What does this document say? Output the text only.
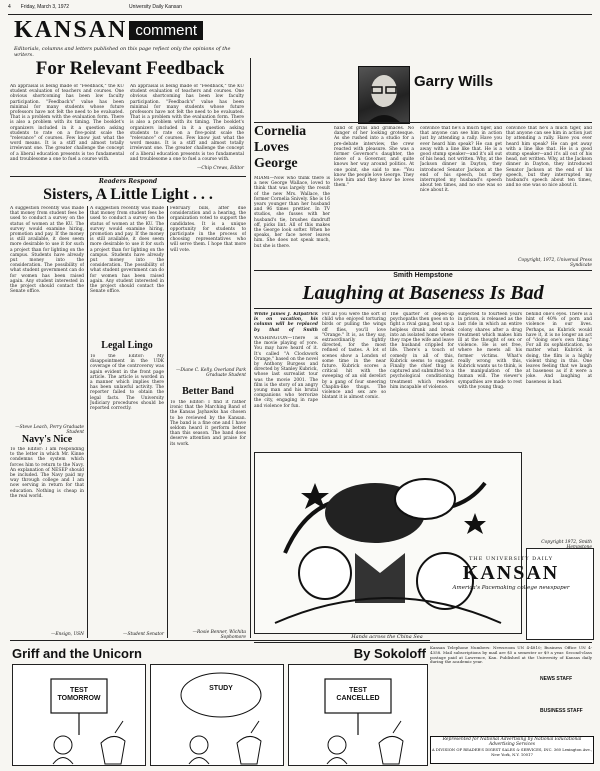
4 Friday, March 3, 1972	University Daily Kansan
KANSAN comment
Editorials, columns and letters published on this page reflect only the opinions of the writers.
For Relevant Feedback
An appraisal is being made of "Feedback," the KU student evaluation of teachers and courses. One obvious shortcoming has been low faculty participation. "Feedback's" value has been minimal for many students whose future professors have not felt the need to be evaluated. That is a problem with the evaluation form. There is also a problem with its timing. The booklet's organizers included in it a question asking students to rate on a five-point scale the "relevance" of courses. Few know just what the word means. It is a stiff and almost totally irrelevant one. The greater challenge the concept of a liberal education presents is too fundamental and troublesome a one to fuel a course with.
An appraisal is being made of "Feedback," the KU student evaluation of teachers and courses. One obvious shortcoming has been low faculty participation. "Feedback's" value has been minimal for many students whose future professors have not felt the need to be evaluated. That is a problem with the evaluation form. There is also a problem with its timing. The booklet's organizers included in it a question asking students to rate on a five-point scale the "relevance" of courses. Few know just what the word means. It is a stiff and almost totally irrelevant one. The greater challenge the concept of a liberal education presents is too fundamental and troublesome a one to fuel a course with.
—Chip Crews, Editor
Readers Respond
Sisters, A Little Light . . .
A suggestion recently was made that money from student fees be used to conduct a survey on the status of women at the KU. The survey would examine hiring, promotion and pay. If the money is still available, it does seem more desirable to use it for such a project than for lighting on the campus. Students have already put money into the consideration. The possibility of what student government can do for women has been raised again. Any student interested in the project should contact the Senate office.
—Steve Leach, Perry Graduate Student
Navy's Nice
To the Editor: I am responding to the letter in which Mr. Kinne condemns the system which forces him to return to the Navy. An explanation of NESEP should be included. The Navy paid my way through college and I am now serving in return for that education. Nothing is cheap in the real world.
—Ensign, USN
A suggestion recently was made that money from student fees be used to conduct a survey on the status of women at the KU. The survey would examine hiring, promotion and pay. If the money is still available, it does seem more desirable to use it for such a project than for lighting on the campus. Students have already put money into the consideration. The possibility of what student government can do for women has been raised again. Any student interested in the project should contact the Senate office.
Legal Lingo
To the Editor: My disappointment in the UDK coverage of the controversy was again evident in the front page article. The article is worded in a manner which implies there has been unlawful activity. The reporter failed to obtain the legal facts. The University Judiciary procedures should be reported correctly.
—Student Senator
February bills, after due consideration and a hearing, the organization voted to support the candidates. It is a unique opportunity for students to participate in the process of choosing representatives who will serve them. I hope that more will vote.
—Diane C. Kelly, Overland Park Graduate Student
Better Band
To the Editor: I find it rather ironic that the Marching Band of the Kansas Jayhawks has chosen to be reviewed by the Kansan. The band is a fine one and I have seldom heard it perform better than this season. The band does deserve attention and praise for its work.
—Rosie Benner, Wichita Sophomore
Cornelia Loves George
MIAMI—Now who think there is a new George Wallace, loved to think that was largely the result of the new Mrs. Wallace, the former Cornelia Snively. She is 16 years younger than her husband and 96 times prettier. In TV studios, she fusses with her husband's tie, brushes dandruff off, picks lint. All of this makes the George look softer. When he speaks, her face never leaves him. She does not speak much, but she is there.
hand of grins and grimaces. No danger of her looking grotesque. As she rushed into a studio for a pre-debate interview, the crew reacted with pleasure. She was a former Governor's daughter, the niece of a Governor, and quite knows her way around politics. At one point, she said to me: "You know the people love George. They love him and they know he loves them."
Garry Wills
convince that he's a much tiger, and that anyone can see him in action just by attending a rally. Have you ever heard him speak? He can get away with a line like that. He is a good stump speaker—and it's all out of his head, not written. Why, at the Jackson dinner in Dayton, they introduced Senator Jackson at the end of his speech, but they interrupted my husband's speech about ten times, and no one was so nice about it.
convince that he's a much tiger, and that anyone can see him in action just by attending a rally. Have you ever heard him speak? He can get away with a line like that. He is a good stump speaker—and it's all out of his head, not written. Why, at the Jackson dinner in Dayton, they introduced Senator Jackson at the end of his speech, but they interrupted my husband's speech about ten times, and no one was so nice about it.
Copyright, 1972, Universal Press Syndicate
Smith Hempstone
Laughing at Baseness Is Bad
While James J. Kilpatrick is on vacation, his column will be replaced by that of Smith
WASHINGTON—There is the movie playing of yore. You may have heard of it. It's called "A Clockwork Orange," based on the novel by Anthony Burgess and directed by Stanley Kubrick, whose last surrealist tour was the movie 2001. The film is the story of an angry young man and his brutal companions who terrorize the city, engaging in rape and violence for fun.
For all you were the sort of child who enjoyed torturing birds or pulling the wings off flies, you'll love "Orange." It is, as they say, extraordinarily tightly directed, for the most refined of tastes. A lot of scenes show a London of some time in the near future. Kubrick scores a critical hit with the sweeping of an old derelict by a gang of four sneering Chaplin-like thugs. The violence and sex are so blatant it is almost comic.
The quarter of doped-up psychopaths then goes on to fight a rival gang, beat up a helpless drunk and break into an isolated home where they rape the wife and leave the husband crippled for life. There's a touch of comedy in all of this, Kubrick seems to suggest. Finally the chief thug is captured and submitted to a psychological conditioning treatment which renders him incapable of violence.
subjected to fourteen years in prison, is released as the last ride in which an entire colony shares after a drug treatment which makes him ill at the thought of sex or violence. He is set free, where he meets all his former victims. What's really wrong with this, Kubrick wants us to think, is the manipulation of the human will. The viewer's sympathies are made to rest with the young thug.
behind one's eyes. There is a hint of 40% of porn and violence in our lives. Perhaps, as Kubrick would have it, it is no longer an act of "doing one's own thing." For all its sophistication, no matter what Kubrick is doing, the film is a highly violent thing in this. One leaves feeling that we laugh at baseness as if it were a joke. And laughing at baseness is bad.
Copyright 1972, Smith
Hands across the China Sea
THE UNIVERSITY DAILY
KANSAN
America's Pacemaking college newspaper
Kansan Telephone Numbers: Newsroom UN 4-4810; Business Office UN 4-4358. Mail subscriptions by mail are $5 a semester or $9 a year. Second-class postage paid at Lawrence, Kan. Published at the University of Kansas daily during the academic year.
NEWS STAFF
BUSINESS STAFF
Represented for National Advertising by National Educational Advertising Services
A DIVISION OF READER'S DIGEST SALES & SERVICES, INC. 360 Lexington Ave., New York, N.Y. 10017
Griff and the Unicorn	By Sokoloff
TEST TOMORROW
STUDY	TEST CANCELLED
